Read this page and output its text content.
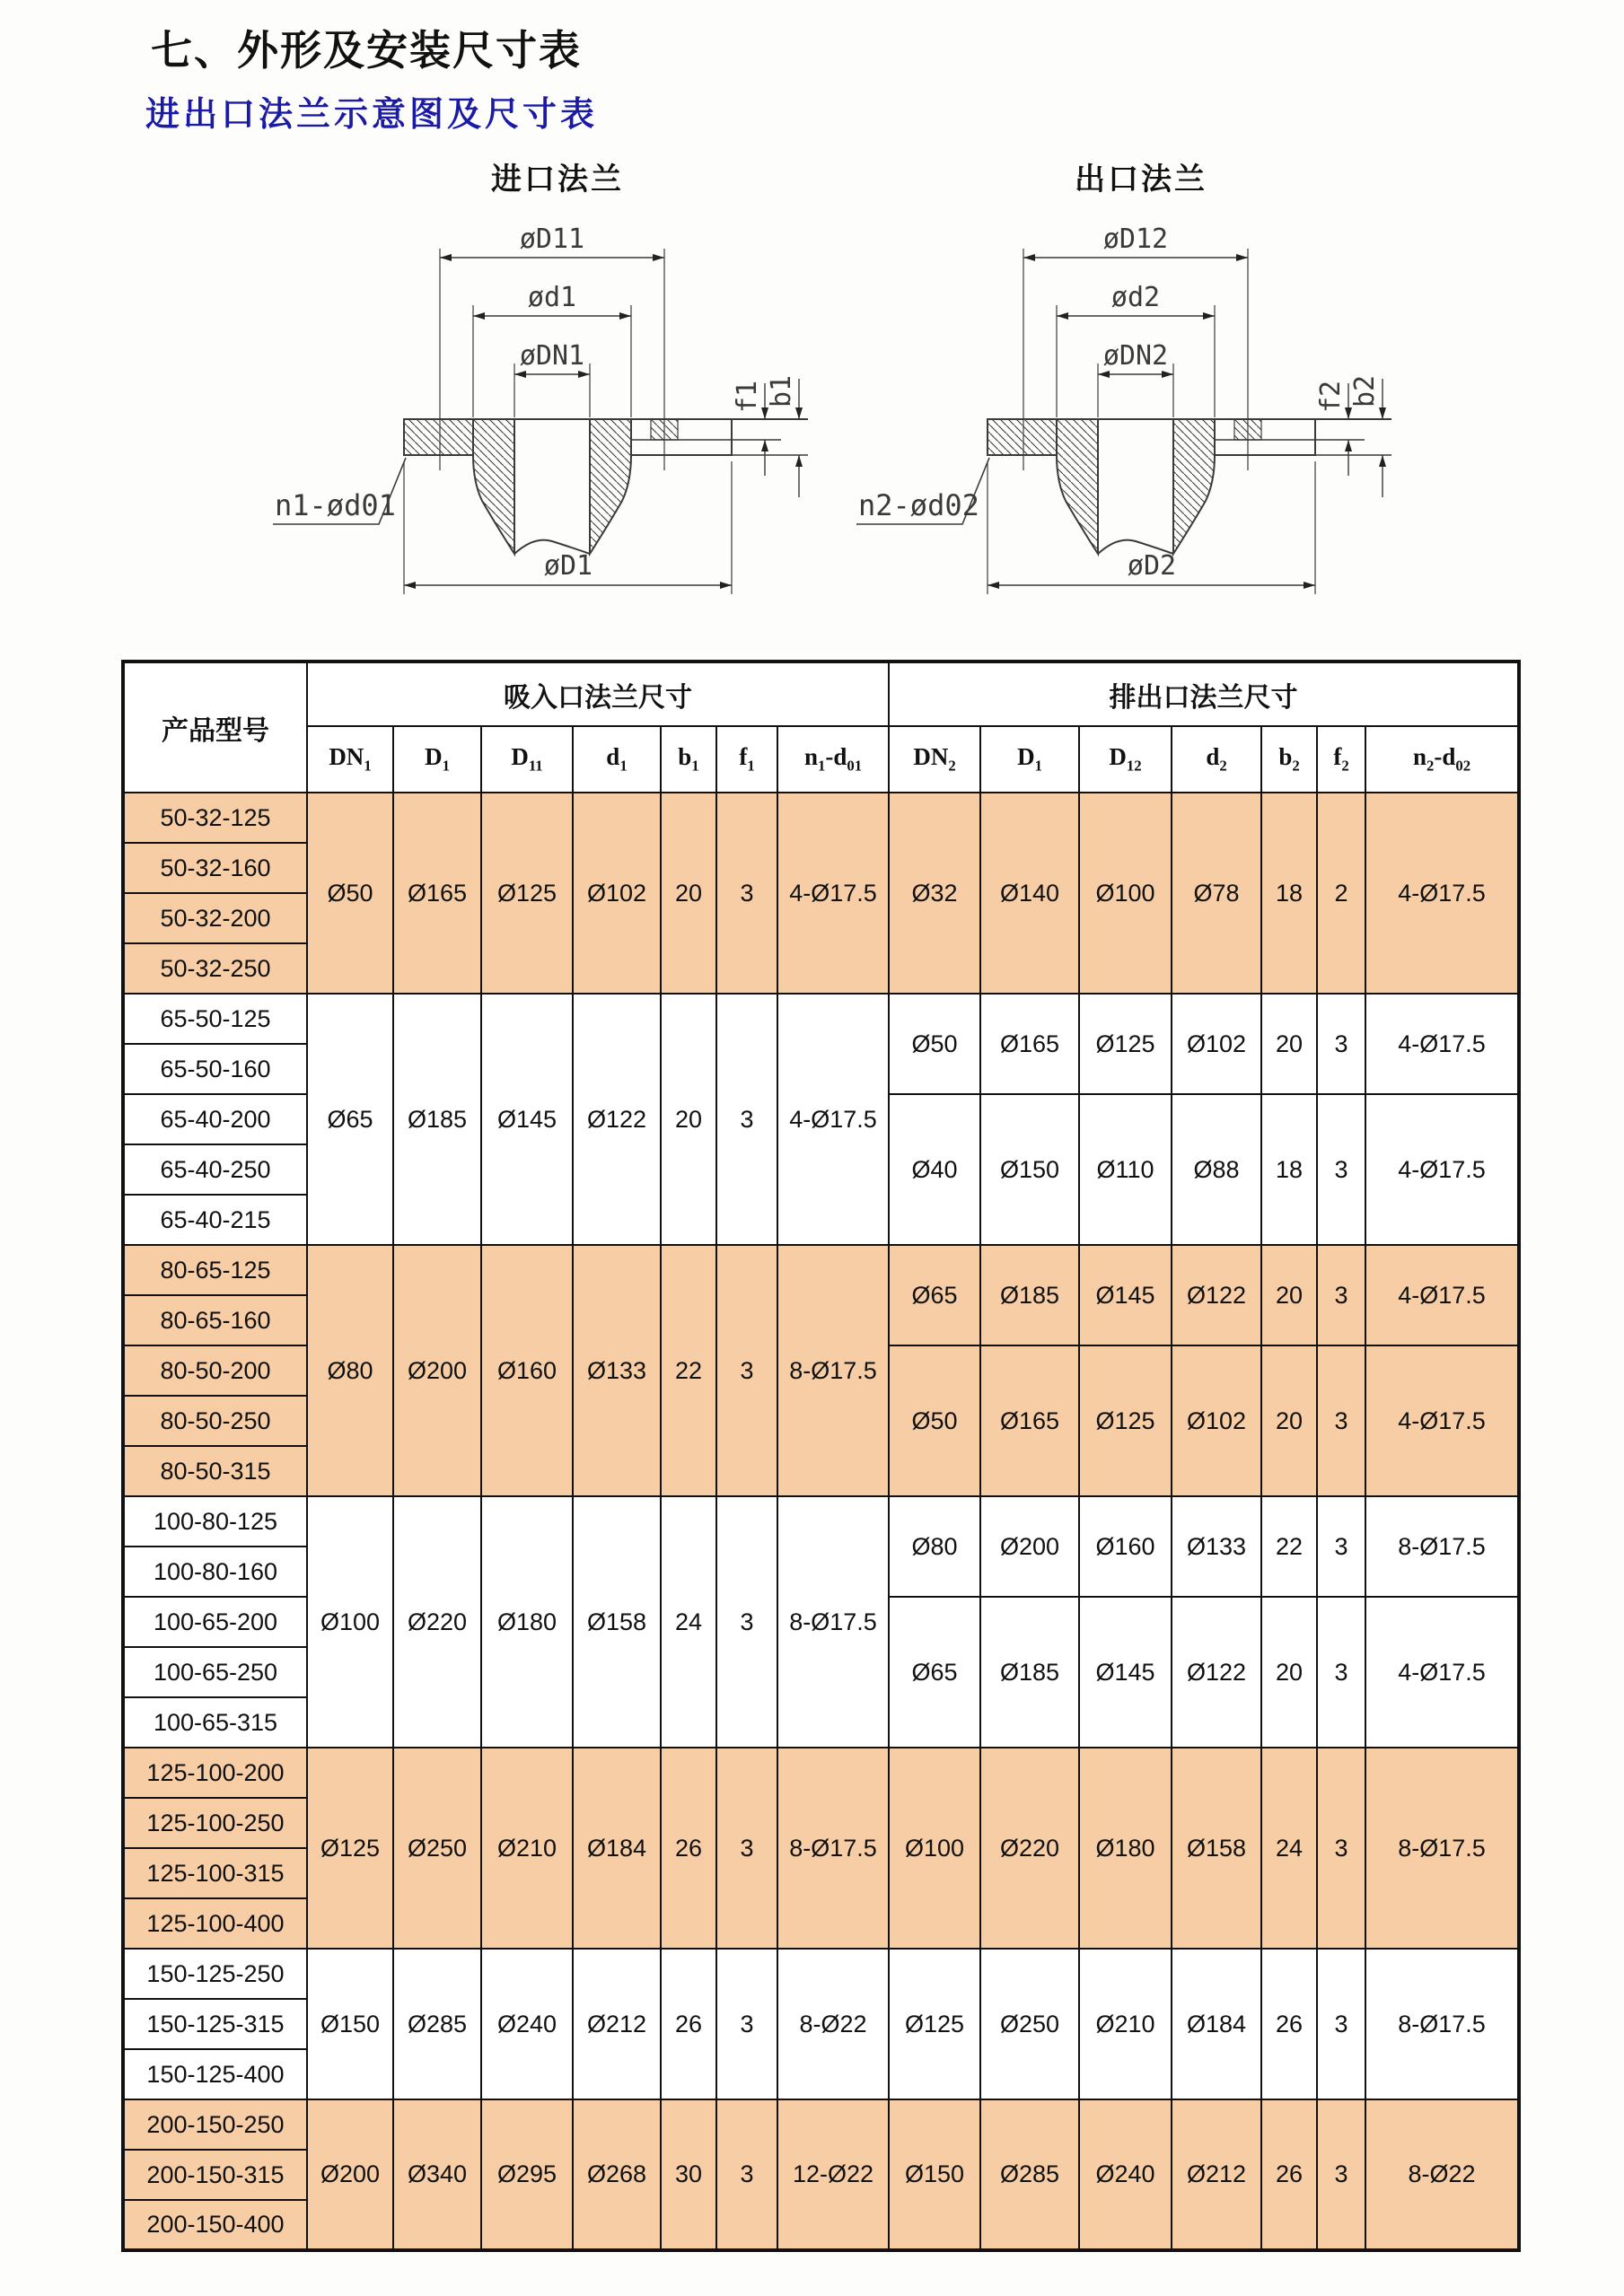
七、外形及安装尺寸表
进出口法兰示意图及尺寸表
进口法兰	出口法兰
øD11
ød1
øDN1
f1 b1
n1-ød01
øD1
øD12
ød2
øDN2
f2 b2
n2-ød02
øD2
产品型号	吸入口法兰尺寸							排出口法兰尺寸						
	$DN_1$	$D_1$	$D_{11}$	$d_1$	$b_1$	$f_1$	$n_1-d_{01}$	$DN_2$	$D_1$	$D_{12}$	$d_2$	$b_2$	$f_2$	$n_2-d_{02}$
50-32-125	Ø50	Ø165	Ø125	Ø102	20	3	4-Ø17.5	Ø32	Ø140	Ø100	Ø78	18	2	4-Ø17.5
50-32-160														
50-32-200														
50-32-250														
65-50-125	Ø65	Ø185	Ø145	Ø122	20	3	4-Ø17.5	Ø50	Ø165	Ø125	Ø102	20	3	4-Ø17.5
65-50-160														
65-40-200								Ø40	Ø150	Ø110	Ø88	18	3	4-Ø17.5
65-40-250														
65-40-215														
80-65-125	Ø80	Ø200	Ø160	Ø133	22	3	8-Ø17.5	Ø65	Ø185	Ø145	Ø122	20	3	4-Ø17.5
80-65-160														
80-50-200								Ø50	Ø165	Ø125	Ø102	20	3	4-Ø17.5
80-50-250														
80-50-315														
100-80-125	Ø100	Ø220	Ø180	Ø158	24	3	8-Ø17.5	Ø80	Ø200	Ø160	Ø133	22	3	8-Ø17.5
100-80-160														
100-65-200								Ø65	Ø185	Ø145	Ø122	20	3	4-Ø17.5
100-65-250														
100-65-315														
125-100-200	Ø125	Ø250	Ø210	Ø184	26	3	8-Ø17.5	Ø100	Ø220	Ø180	Ø158	24	3	8-Ø17.5
125-100-250														
125-100-315														
125-100-400														
150-125-250	Ø150	Ø285	Ø240	Ø212	26	3	8-Ø22	Ø125	Ø250	Ø210	Ø184	26	3	8-Ø17.5
150-125-315														
150-125-400														
200-150-250	Ø200	Ø340	Ø295	Ø268	30	3	12-Ø22	Ø150	Ø285	Ø240	Ø212	26	3	8-Ø22
200-150-315														
200-150-400														
